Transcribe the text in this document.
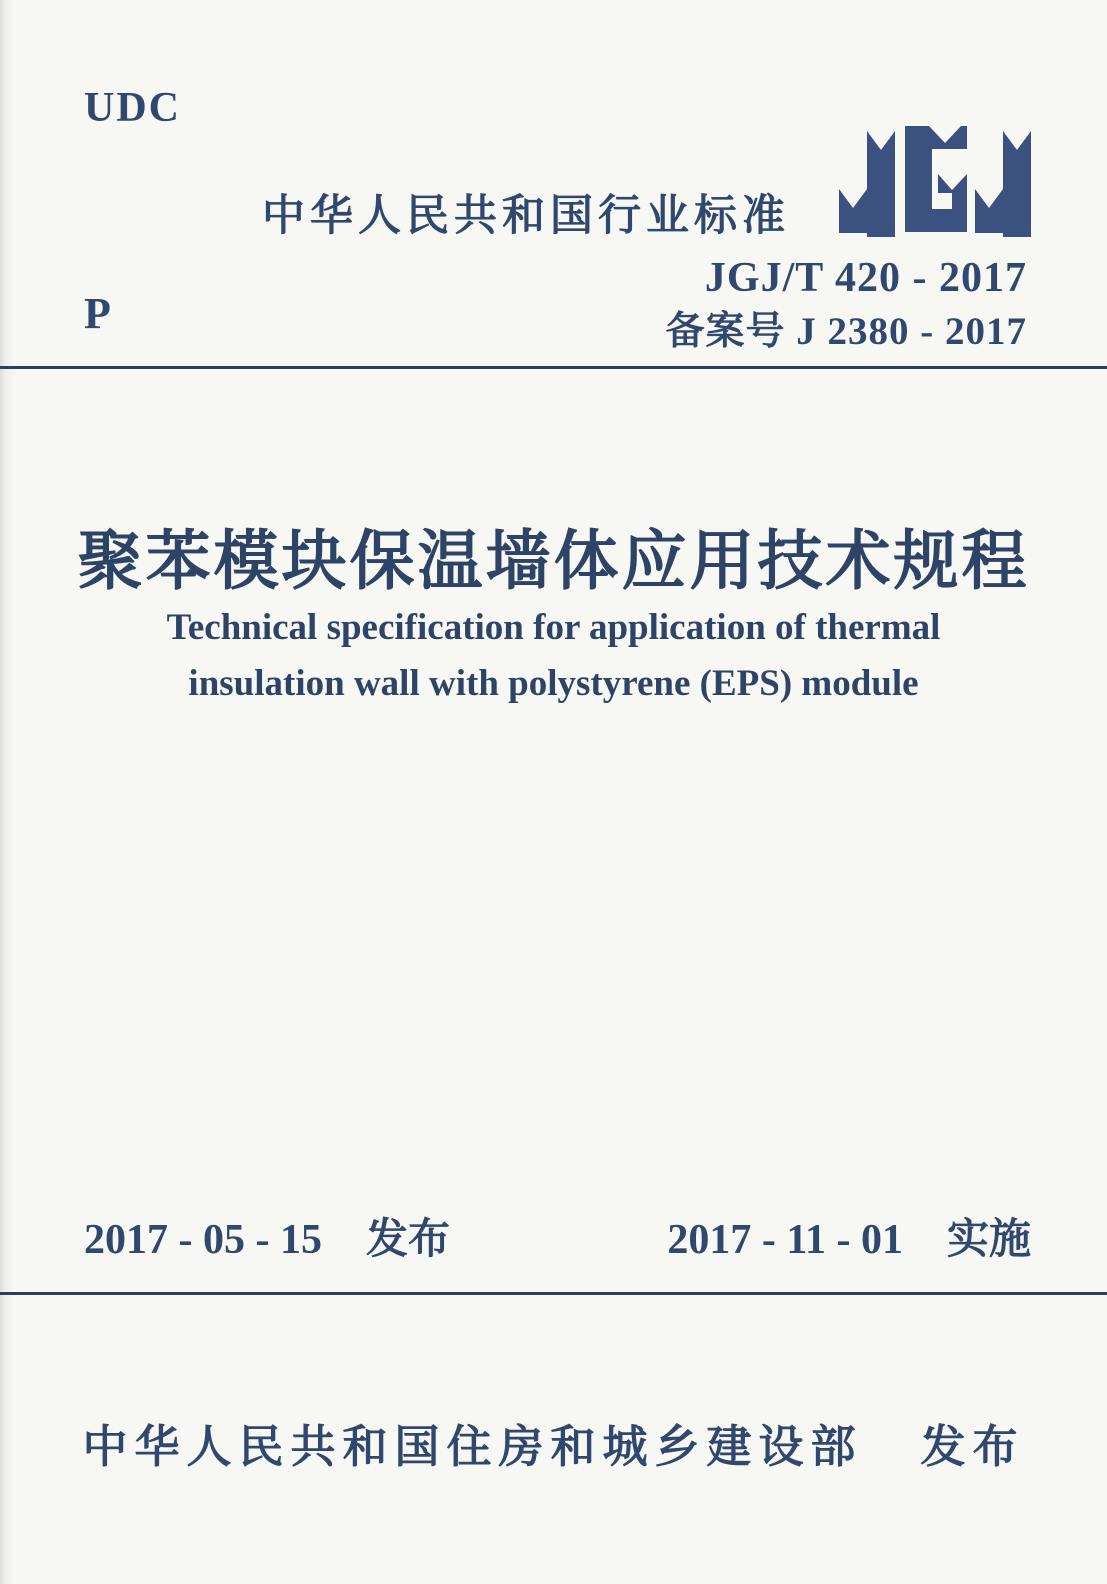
UDC
中华人民共和国行业标准
P
JGJ/T 420 - 2017
备案号 J 2380 - 2017
聚苯模块保温墙体应用技术规程
Technical specification for application of thermal
insulation wall with polystyrene (EPS) module
2017 - 05 - 15 发布	2017 - 11 - 01 实施
中华人民共和国住房和城乡建设部 发布
